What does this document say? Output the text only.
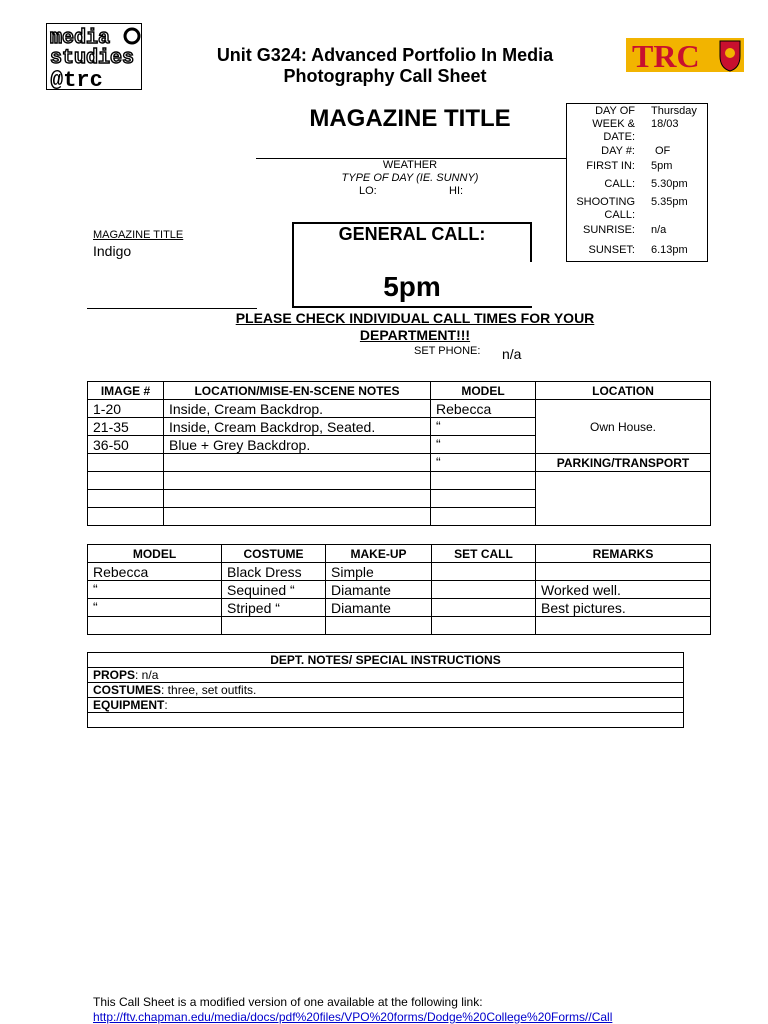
media
studies
@trc
TRC
Unit G324: Advanced Portfolio In Media
Photography Call Sheet
MAGAZINE TITLE	DAY OF Thursday
WEEK & 18/03
DATE:
DAY #: OF
FIRST IN: 5pm
CALL: 5.30pm
SHOOTING 5.35pm
CALL:
SUNRISE: n/a
SUNSET: 6.13pm
WEATHER
TYPE OF DAY (IE. SUNNY)
LO:	HI:
MAGAZINE TITLE
Indigo
GENERAL CALL:
5pm
PLEASE CHECK INDIVIDUAL CALL TIMES FOR YOUR DEPARTMENT!!!
SET PHONE: n/a
IMAGE #	LOCATION/MISE-EN-SCENE NOTES	MODEL	LOCATION
1-20	Inside, Cream Backdrop.	Rebecca	Own House.
21-35	Inside, Cream Backdrop, Seated.	“	
36-50	Blue + Grey Backdrop.	“	
		“	PARKING/TRANSPORT

MODEL	COSTUME	MAKE-UP	SET CALL	REMARKS
Rebecca	Black Dress	Simple		
“	Sequined “	Diamante		Worked well.
“	Striped “	Diamante		Best pictures.

DEPT. NOTES/ SPECIAL INSTRUCTIONS
PROPS: n/a
COSTUMES: three, set outfits.
EQUIPMENT:

This Call Sheet is a modified version of one available at the following link:
http://ftv.chapman.edu/media/docs/pdf%20files/VPO%20forms/Dodge%20College%20Forms//Call
